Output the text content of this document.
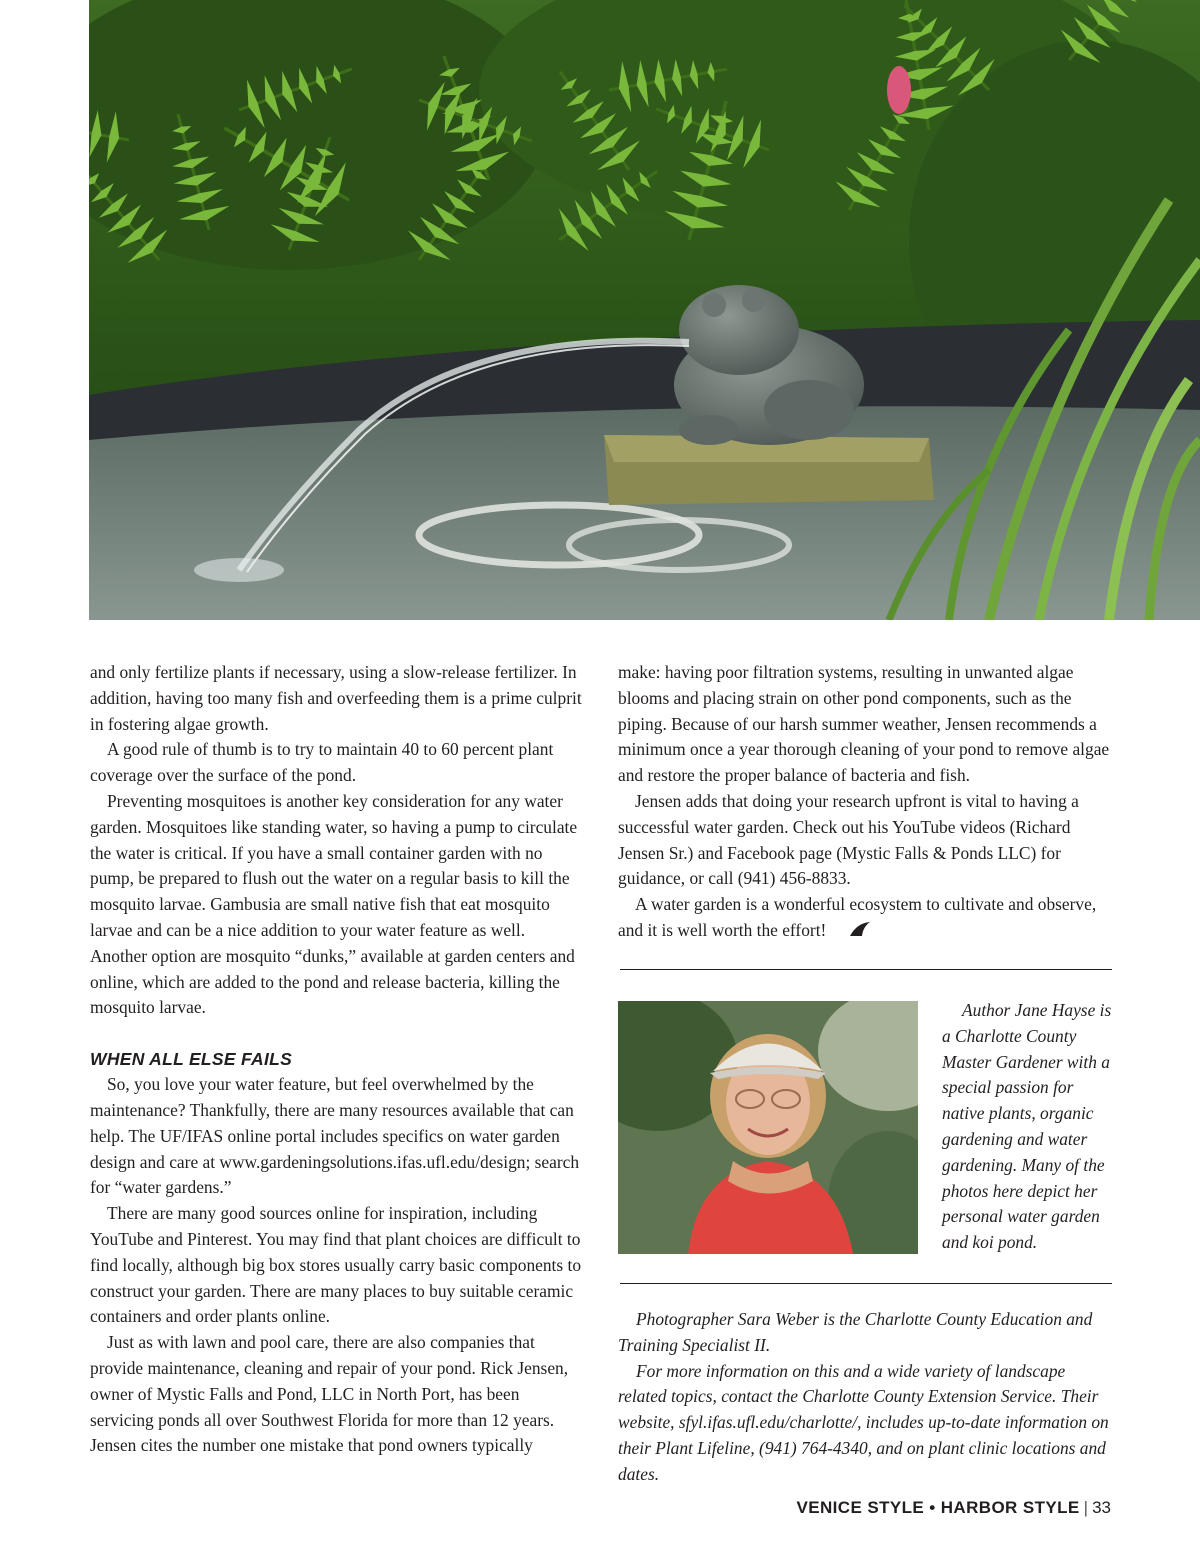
and only fertilize plants if necessary, using a slow-release fertilizer. In addition, having too many fish and overfeeding them is a prime culprit in fostering algae growth.

A good rule of thumb is to try to maintain 40 to 60 percent plant coverage over the surface of the pond.

Preventing mosquitoes is another key consideration for any water garden. Mosquitoes like standing water, so having a pump to circulate the water is critical. If you have a small container garden with no pump, be prepared to flush out the water on a regular basis to kill the mosquito larvae. Gambusia are small native fish that eat mosquito larvae and can be a nice addition to your water feature as well. Another option are mosquito “dunks,” available at garden centers and online, which are added to the pond and release bacteria, killing the mosquito larvae.

WHEN ALL ELSE FAILS

So, you love your water feature, but feel overwhelmed by the maintenance? Thankfully, there are many resources available that can help. The UF/IFAS online portal includes specifics on water garden design and care at www.gardeningsolutions.ifas.ufl.edu/design; search for “water gardens.”

There are many good sources online for inspiration, including YouTube and Pinterest. You may find that plant choices are difficult to find locally, although big box stores usually carry basic components to construct your garden. There are many places to buy suitable ceramic containers and order plants online.

Just as with lawn and pool care, there are also companies that provide maintenance, cleaning and repair of your pond. Rick Jensen, owner of Mystic Falls and Pond, LLC in North Port, has been servicing ponds all over Southwest Florida for more than 12 years. Jensen cites the number one mistake that pond owners typically

make: having poor filtration systems, resulting in unwanted algae blooms and placing strain on other pond components, such as the piping. Because of our harsh summer weather, Jensen recommends a minimum once a year thorough cleaning of your pond to remove algae and restore the proper balance of bacteria and fish.

Jensen adds that doing your research upfront is vital to having a successful water garden. Check out his YouTube videos (Richard Jensen Sr.) and Facebook page (Mystic Falls & Ponds LLC) for guidance, or call (941) 456-8833.

A water garden is a wonderful ecosystem to cultivate and observe, and it is well worth the effort!

Author Jane Hayse is a Charlotte County Master Gardener with a special passion for native plants, organic gardening and water gardening. Many of the photos here depict her personal water garden and koi pond.

Photographer Sara Weber is the Charlotte County Education and Training Specialist II.

For more information on this and a wide variety of landscape related topics, contact the Charlotte County Extension Service. Their website, sfyl.ifas.ufl.edu/charlotte/, includes up-to-date information on their Plant Lifeline, (941) 764-4340, and on plant clinic locations and dates.

VENICE STYLE • HARBOR STYLE | 33
